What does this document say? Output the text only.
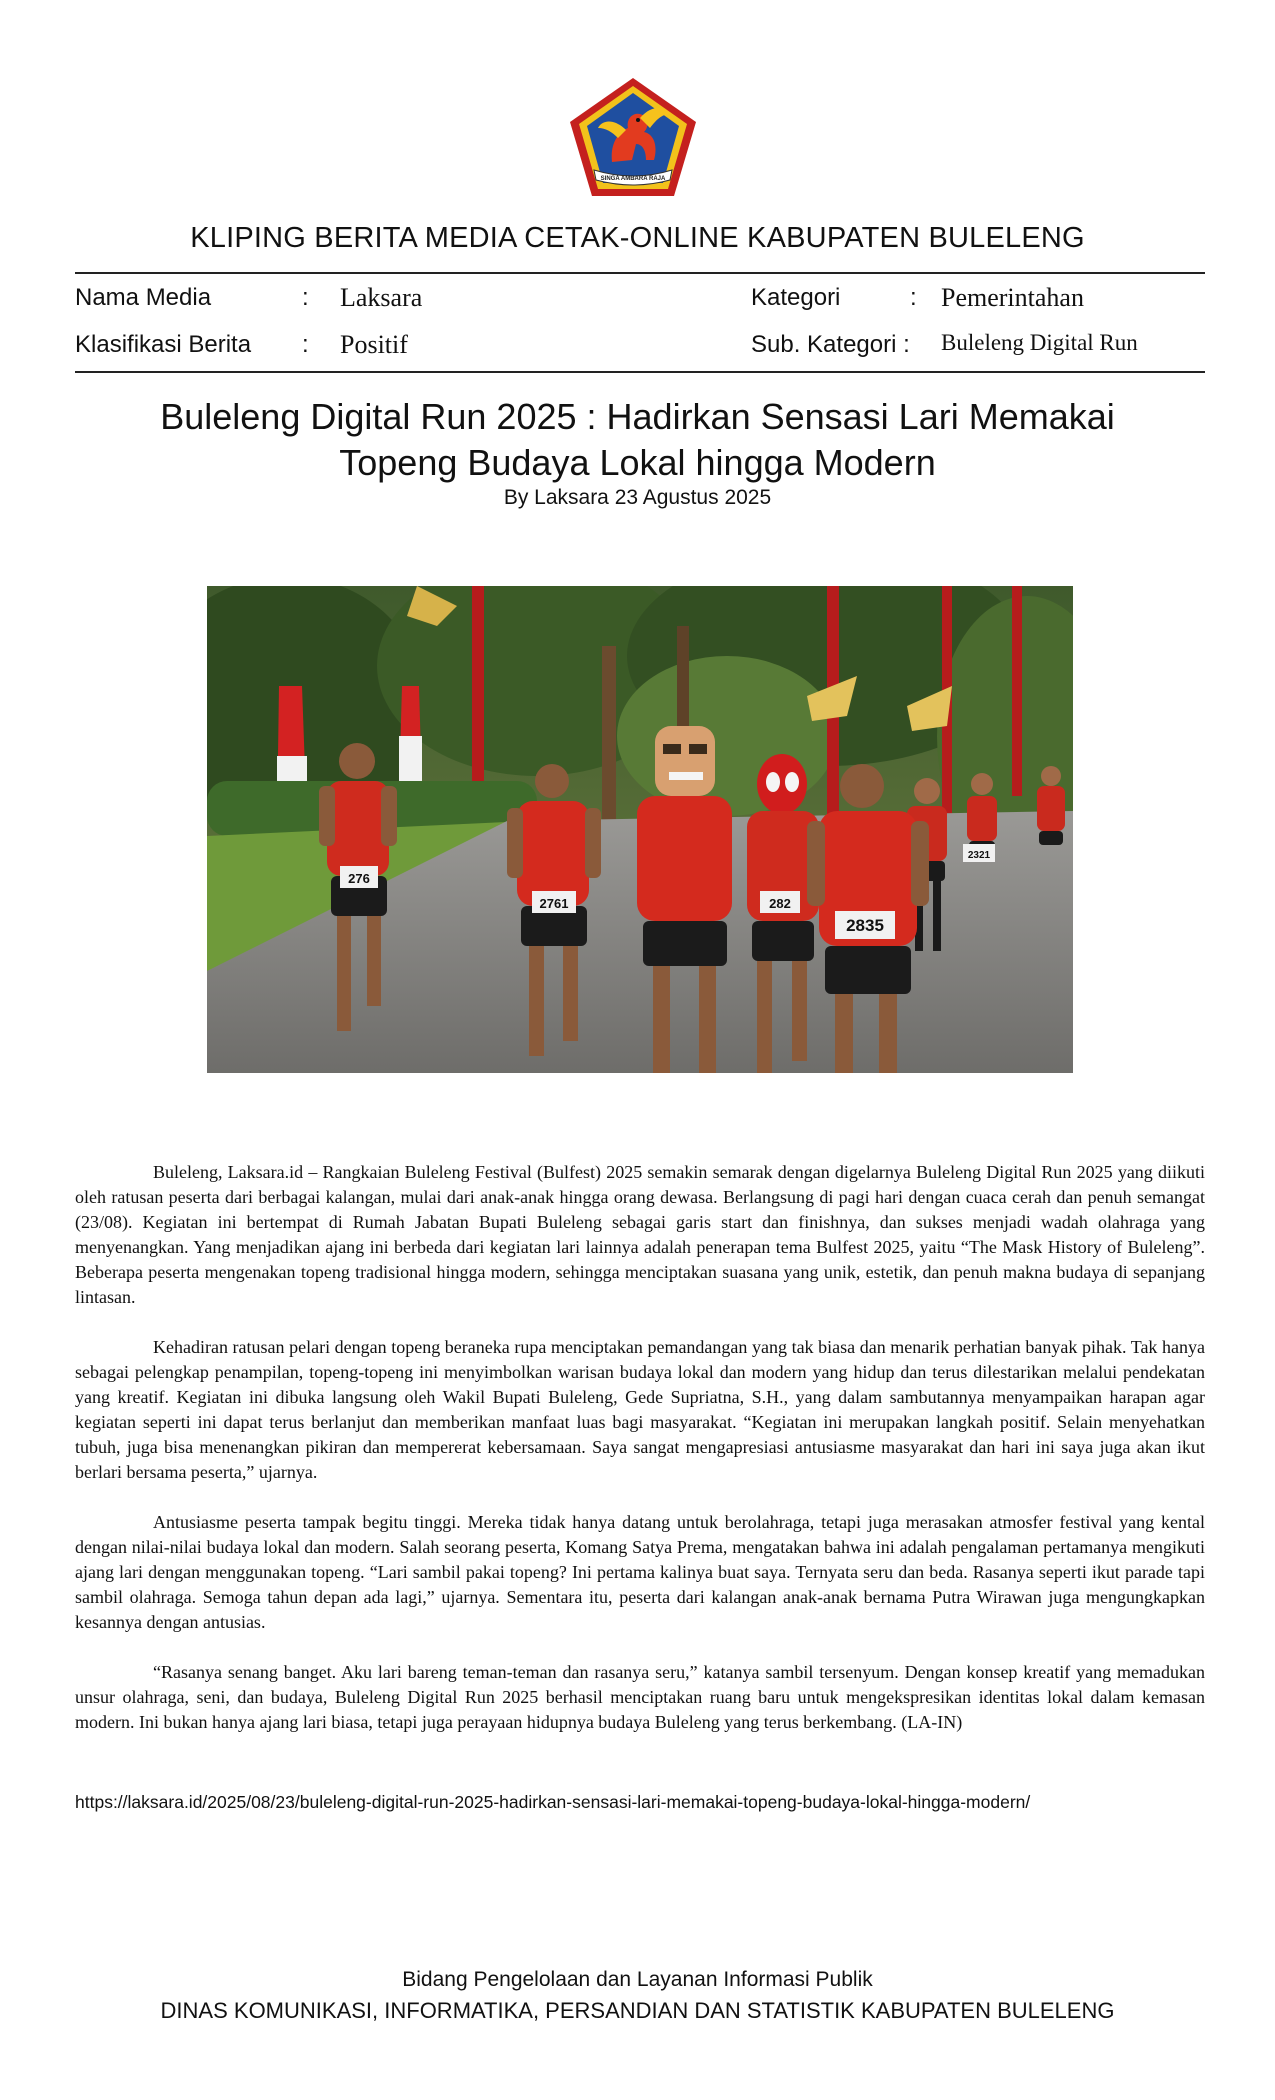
SINGA AMBARA RAJA
KLIPING BERITA MEDIA CETAK-ONLINE KABUPATEN BULELENG
Nama Media	: Laksara	Kategori	: Pemerintahan
Klasifikasi Berita : Positif	Sub. Kategori : Buleleng Digital Run
Buleleng Digital Run 2025 : Hadirkan Sensasi Lari Memakai Topeng Budaya Lokal hingga Modern
By Laksara 23 Agustus 2025
276
2761	282
2835
2321

Buleleng, Laksara.id – Rangkaian Buleleng Festival (Bulfest) 2025 semakin semarak dengan digelarnya Buleleng Digital Run 2025 yang diikuti oleh ratusan peserta dari berbagai kalangan, mulai dari anak-anak hingga orang dewasa. Berlangsung di pagi hari dengan cuaca cerah dan penuh semangat (23/08). Kegiatan ini bertempat di Rumah Jabatan Bupati Buleleng sebagai garis start dan finishnya, dan sukses menjadi wadah olahraga yang menyenangkan. Yang menjadikan ajang ini berbeda dari kegiatan lari lainnya adalah penerapan tema Bulfest 2025, yaitu “The Mask History of Buleleng”. Beberapa peserta mengenakan topeng tradisional hingga modern, sehingga menciptakan suasana yang unik, estetik, dan penuh makna budaya di sepanjang lintasan.

Kehadiran ratusan pelari dengan topeng beraneka rupa menciptakan pemandangan yang tak biasa dan menarik perhatian banyak pihak. Tak hanya sebagai pelengkap penampilan, topeng-topeng ini menyimbolkan warisan budaya lokal dan modern yang hidup dan terus dilestarikan melalui pendekatan yang kreatif. Kegiatan ini dibuka langsung oleh Wakil Bupati Buleleng, Gede Supriatna, S.H., yang dalam sambutannya menyampaikan harapan agar kegiatan seperti ini dapat terus berlanjut dan memberikan manfaat luas bagi masyarakat. “Kegiatan ini merupakan langkah positif. Selain menyehatkan tubuh, juga bisa menenangkan pikiran dan mempererat kebersamaan. Saya sangat mengapresiasi antusiasme masyarakat dan hari ini saya juga akan ikut berlari bersama peserta,” ujarnya.

Antusiasme peserta tampak begitu tinggi. Mereka tidak hanya datang untuk berolahraga, tetapi juga merasakan atmosfer festival yang kental dengan nilai-nilai budaya lokal dan modern. Salah seorang peserta, Komang Satya Prema, mengatakan bahwa ini adalah pengalaman pertamanya mengikuti ajang lari dengan menggunakan topeng. “Lari sambil pakai topeng? Ini pertama kalinya buat saya. Ternyata seru dan beda. Rasanya seperti ikut parade tapi sambil olahraga. Semoga tahun depan ada lagi,” ujarnya. Sementara itu, peserta dari kalangan anak-anak bernama Putra Wirawan juga mengungkapkan kesannya dengan antusias.

“Rasanya senang banget. Aku lari bareng teman-teman dan rasanya seru,” katanya sambil tersenyum. Dengan konsep kreatif yang memadukan unsur olahraga, seni, dan budaya, Buleleng Digital Run 2025 berhasil menciptakan ruang baru untuk mengekspresikan identitas lokal dalam kemasan modern. Ini bukan hanya ajang lari biasa, tetapi juga perayaan hidupnya budaya Buleleng yang terus berkembang. (LA-IN)

https://laksara.id/2025/08/23/buleleng-digital-run-2025-hadirkan-sensasi-lari-memakai-topeng-budaya-lokal-hingga-modern/
Bidang Pengelolaan dan Layanan Informasi Publik
DINAS KOMUNIKASI, INFORMATIKA, PERSANDIAN DAN STATISTIK KABUPATEN BULELENG
